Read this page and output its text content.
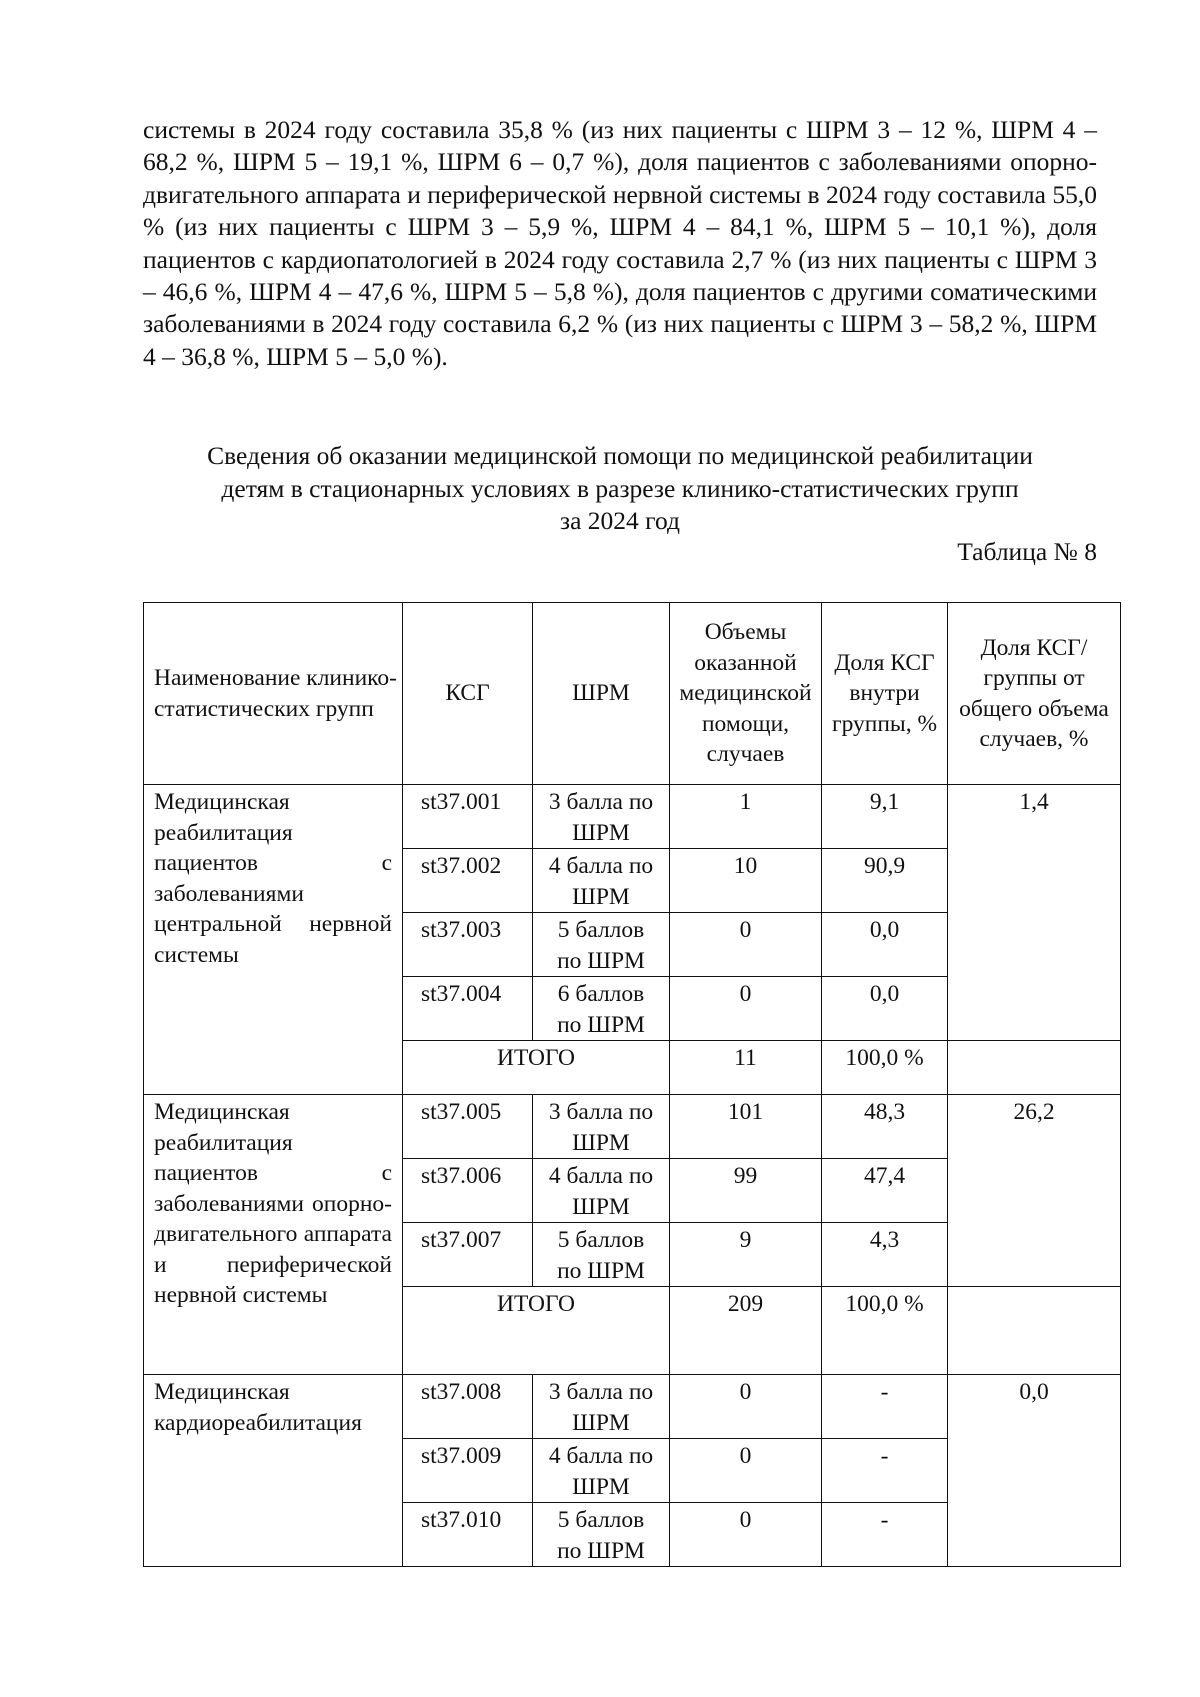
системы в 2024 году составила 35,8 % (из них пациенты с ШРМ 3 – 12 %, ШРМ 4 – 68,2 %, ШРМ 5 – 19,1 %, ШРМ 6 – 0,7 %), доля пациентов с заболеваниями опорно-двигательного аппарата и периферической нервной системы в 2024 году составила 55,0 % (из них пациенты с ШРМ 3 – 5,9 %, ШРМ 4 – 84,1 %, ШРМ 5 – 10,1 %), доля пациентов с кардиопатологией в 2024 году составила 2,7 % (из них пациенты с ШРМ 3 – 46,6 %, ШРМ 4 – 47,6 %, ШРМ 5 – 5,8 %), доля пациентов с другими соматическими заболеваниями в 2024 году составила 6,2 % (из них пациенты с ШРМ 3 – 58,2 %, ШРМ 4 – 36,8 %, ШРМ 5 – 5,0 %).
Сведения об оказании медицинской помощи по медицинской реабилитации
детям в стационарных условиях в разрезе клинико-статистических групп
за 2024 год
Таблица № 8
Наименование клинико-статистических групп	КСГ	ШРМ	Объемы оказанной медицинской помощи, случаев	Доля КСГ внутри группы, %	Доля КСГ/ группы от общего объема случаев, %
Медицинская реабилитация пациентов с заболеваниями центральной нервной системы	st37.001	3 балла по ШРМ	1	9,1	1,4
	st37.002	4 балла по ШРМ	10	90,9	
	st37.003	5 баллов по ШРМ	0	0,0	
	st37.004	6 баллов по ШРМ	0	0,0	
	ИТОГО		11	100,0 %	
Медицинская реабилитация пациентов с заболеваниями опорно-двигательного аппарата и периферической нервной системы	st37.005	3 балла по ШРМ	101	48,3	26,2
	st37.006	4 балла по ШРМ	99	47,4	
	st37.007	5 баллов по ШРМ	9	4,3	
	ИТОГО		209	100,0 %	
Медицинская кардиореабилитация	st37.008	3 балла по ШРМ	0	-	0,0
	st37.009	4 балла по ШРМ	0	-	
	st37.010	5 баллов по ШРМ	0	-	
